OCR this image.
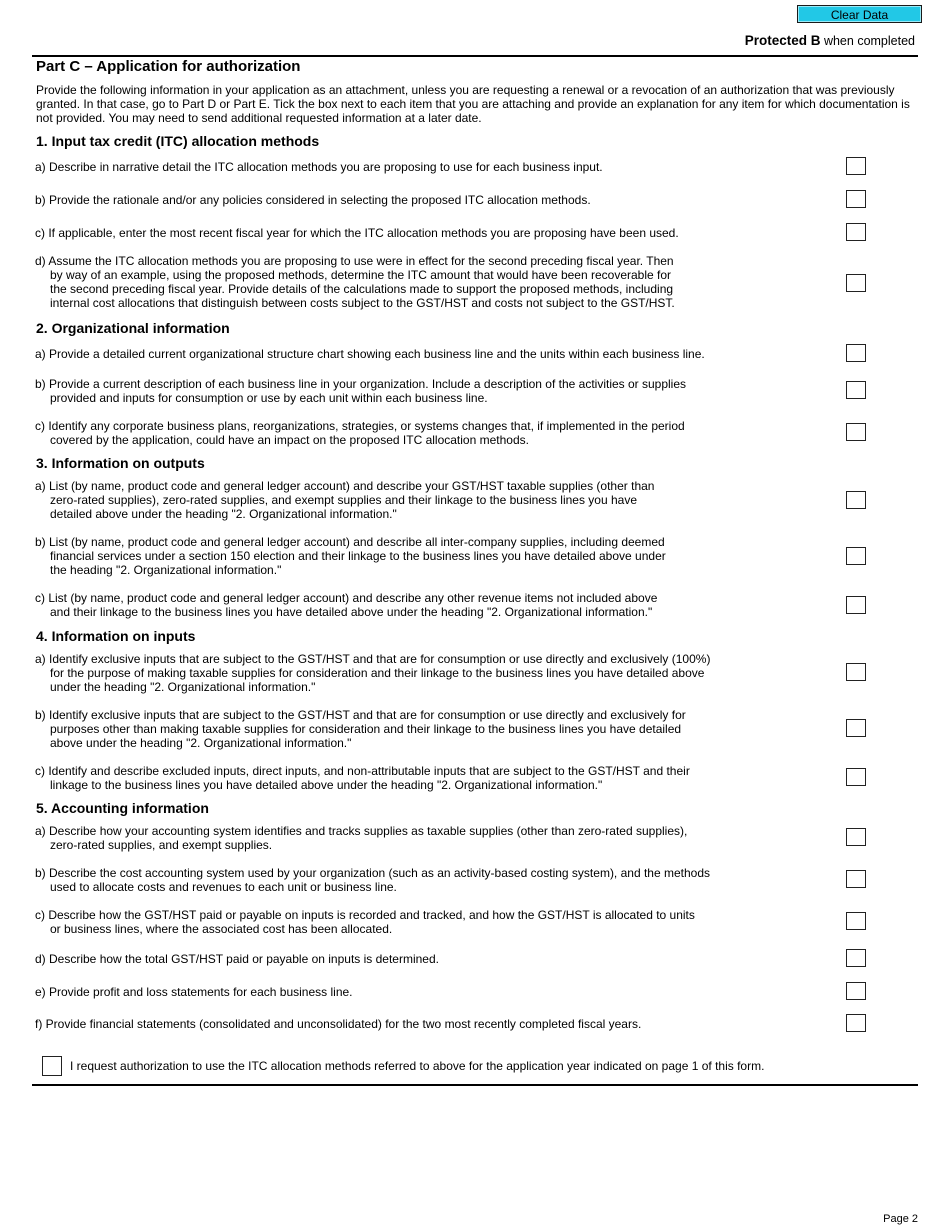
Clear Data
Protected B when completed
Part C – Application for authorization
Provide the following information in your application as an attachment, unless you are requesting a renewal or a revocation of an authorization that was previously granted. In that case, go to Part D or Part E. Tick the box next to each item that you are attaching and provide an explanation for any item for which documentation is not provided. You may need to send additional requested information at a later date.
1. Input tax credit (ITC) allocation methods
a) Describe in narrative detail the ITC allocation methods you are proposing to use for each business input.
b) Provide the rationale and/or any policies considered in selecting the proposed ITC allocation methods.
c) If applicable, enter the most recent fiscal year for which the ITC allocation methods you are proposing have been used.
d) Assume the ITC allocation methods you are proposing to use were in effect for the second preceding fiscal year. Then
by way of an example, using the proposed methods, determine the ITC amount that would have been recoverable for
the second preceding fiscal year. Provide details of the calculations made to support the proposed methods, including
internal cost allocations that distinguish between costs subject to the GST/HST and costs not subject to the GST/HST.
2. Organizational information
a) Provide a detailed current organizational structure chart showing each business line and the units within each business line.
b) Provide a current description of each business line in your organization. Include a description of the activities or supplies
provided and inputs for consumption or use by each unit within each business line.
c) Identify any corporate business plans, reorganizations, strategies, or systems changes that, if implemented in the period
covered by the application, could have an impact on the proposed ITC allocation methods.
3. Information on outputs
a) List (by name, product code and general ledger account) and describe your GST/HST taxable supplies (other than
zero-rated supplies), zero-rated supplies, and exempt supplies and their linkage to the business lines you have
detailed above under the heading "2. Organizational information."
b) List (by name, product code and general ledger account) and describe all inter-company supplies, including deemed
financial services under a section 150 election and their linkage to the business lines you have detailed above under
the heading "2. Organizational information."
c) List (by name, product code and general ledger account) and describe any other revenue items not included above
and their linkage to the business lines you have detailed above under the heading "2. Organizational information."
4. Information on inputs
a) Identify exclusive inputs that are subject to the GST/HST and that are for consumption or use directly and exclusively (100%)
for the purpose of making taxable supplies for consideration and their linkage to the business lines you have detailed above
under the heading "2. Organizational information."
b) Identify exclusive inputs that are subject to the GST/HST and that are for consumption or use directly and exclusively for
purposes other than making taxable supplies for consideration and their linkage to the business lines you have detailed
above under the heading "2. Organizational information."
c) Identify and describe excluded inputs, direct inputs, and non-attributable inputs that are subject to the GST/HST and their
linkage to the business lines you have detailed above under the heading "2. Organizational information."
5. Accounting information
a) Describe how your accounting system identifies and tracks supplies as taxable supplies (other than zero-rated supplies),
zero-rated supplies, and exempt supplies.
b) Describe the cost accounting system used by your organization (such as an activity-based costing system), and the methods
used to allocate costs and revenues to each unit or business line.
c) Describe how the GST/HST paid or payable on inputs is recorded and tracked, and how the GST/HST is allocated to units
or business lines, where the associated cost has been allocated.
d) Describe how the total GST/HST paid or payable on inputs is determined.
e) Provide profit and loss statements for each business line.
f) Provide financial statements (consolidated and unconsolidated) for the two most recently completed fiscal years.
I request authorization to use the ITC allocation methods referred to above for the application year indicated on page 1 of this form.
Page 2
